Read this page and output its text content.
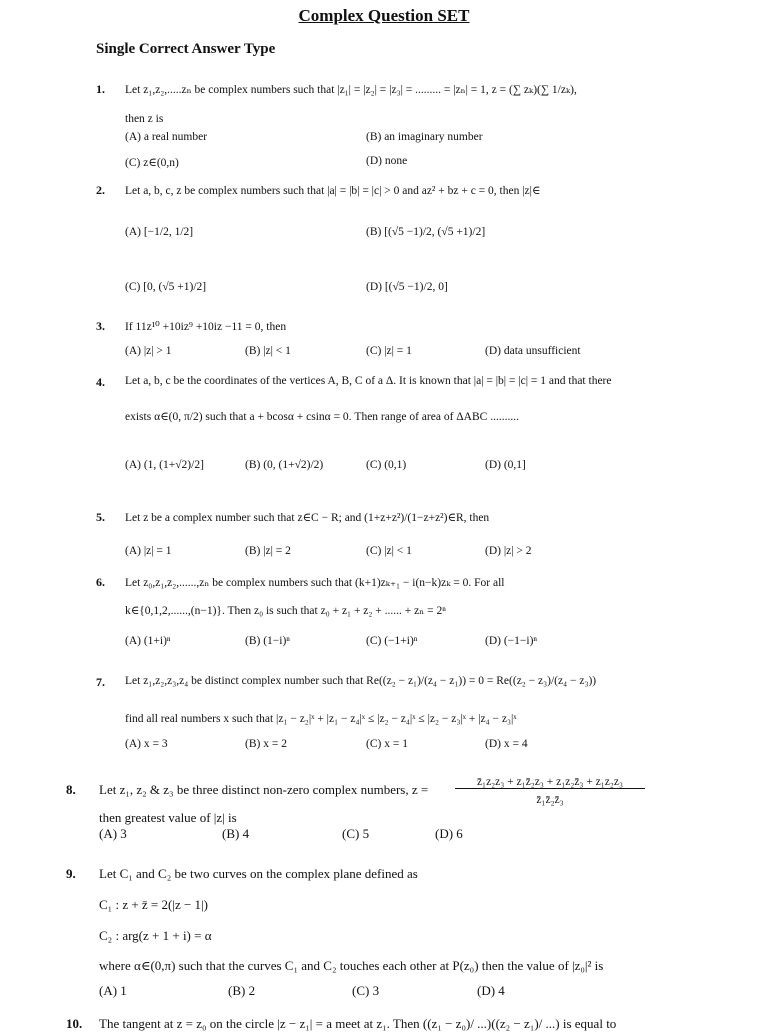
Complex Question SET
Single Correct Answer Type
1. Let z₁,z₂,.....zₙ be complex numbers such that |z₁| = |z₂| = |z₃| = ......... = |zₙ| = 1, z = (∑ zₖ)(∑ 1/zₖ),
then z is
(A) a real number	(B) an imaginary number
(C) z∈(0,n)	(D) none
2. Let a, b, c, z be complex numbers such that |a| = |b| = |c| > 0 and az² + bz + c = 0, then |z|∈
(A) [−1/2, 1/2]	(B) [(√5 −1)/2, (√5 +1)/2]
(C) [0, (√5 +1)/2]	(D) [(√5 −1)/2, 0]
3. If 11z¹⁰ +10iz⁹ +10iz −11 = 0, then
(A) |z| > 1	(B) |z| < 1	(C) |z| = 1	(D) data unsufficient
4. Let a, b, c be the coordinates of the vertices A, B, C of a Δ. It is known that |a| = |b| = |c| = 1 and that there
exists α∈(0, π/2) such that a + bcosα + csinα = 0. Then range of area of ΔABC ..........
(A) (1, (1+√2)/2]	(B) (0, (1+√2)/2)	(C) (0,1)	(D) (0,1]
5. Let z be a complex number such that z∈C − R; and (1+z+z²)/(1−z+z²)∈R, then
(A) |z| = 1	(B) |z| = 2	(C) |z| < 1	(D) |z| > 2
6. Let z₀,z₁,z₂,......,zₙ be complex numbers such that (k+1)zₖ₊₁ − i(n−k)zₖ = 0. For all
k∈{0,1,2,......,(n−1)}. Then z₀ is such that z₀ + z₁ + z₂ + ...... + zₙ = 2ⁿ
(A) (1+i)ⁿ	(B) (1−i)ⁿ	(C) (−1+i)ⁿ	(D) (−1−i)ⁿ
7. Let z₁,z₂,z₃,z₄ be distinct complex number such that Re((z₂ − z₁)/(z₄ − z₁)) = 0 = Re((z₂ − z₃)/(z₄ − z₃))
find all real numbers x such that |z₁ − z₂|ˣ + |z₁ − z₄|ˣ ≤ |z₂ − z₄|ˣ ≤ |z₂ − z₃|ˣ + |z₄ − z₃|ˣ
(A) x = 3	(B) x = 2	(C) x = 1	(D) x = 4
8. Let z₁, z₂ & z₃ be three distinct non-zero complex numbers, z =	z̄₁z₂z₃ + z₁z̄₂z₃ + z₁z₂z̄₃ + z₁z₂z₃
z̄₁z̄₂z̄₃
then greatest value of |z| is
(A) 3	(B) 4	(C) 5	(D) 6
9. Let C₁ and C₂ be two curves on the complex plane defined as
C₁ : z + z̄ = 2(|z − 1|)
C₂ : arg(z + 1 + i) = α
where α∈(0,π) such that the curves C₁ and C₂ touches each other at P(z₀) then the value of |z₀|² is
(A) 1	(B) 2	(C) 3	(D) 4
10. The tangent at z = z₀ on the circle |z − z₁| = a meet at z₁. Then ((z₁ − z₀)/ ...)((z₂ − z₁)/ ...) is equal to
